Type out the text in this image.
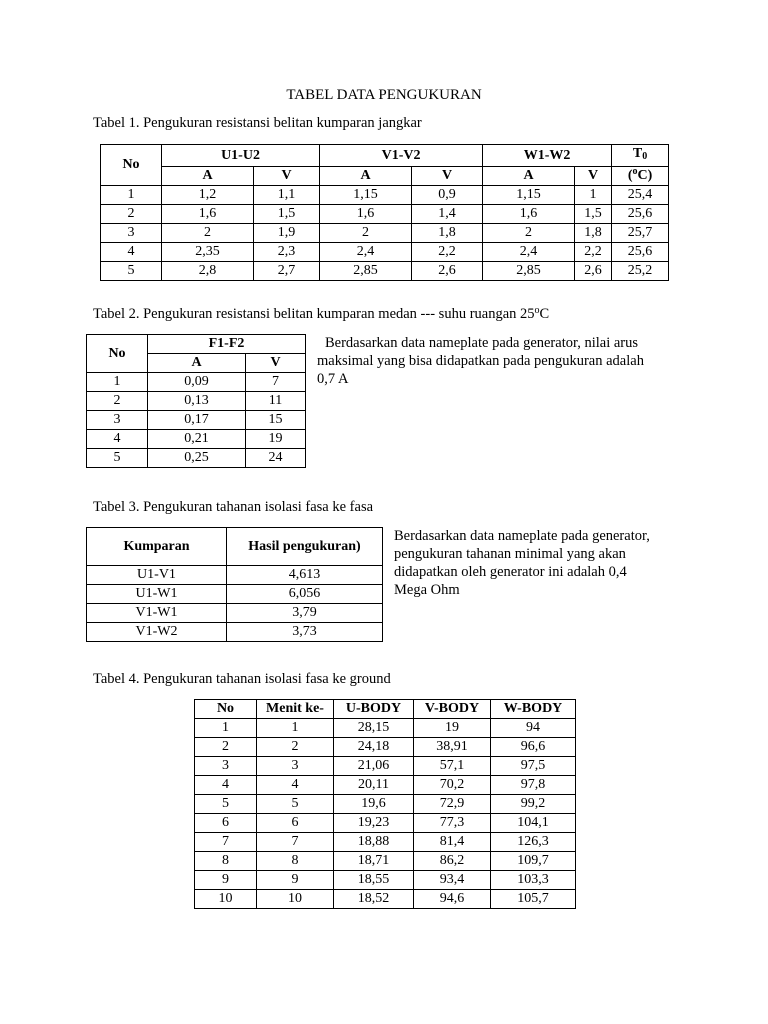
TABEL DATA PENGUKURAN
Tabel 1. Pengukuran resistansi belitan kumparan jangkar
No	U1-U2		V1-V2		W1-W2		$T_0$
	A	V	A	V	A	V	($^o$C)
1	1,2	1,1	1,15	0,9	1,15	1	25,4
2	1,6	1,5	1,6	1,4	1,6	1,5	25,6
3	2	1,9	2	1,8	2	1,8	25,7
4	2,35	2,3	2,4	2,2	2,4	2,2	25,6
5	2,8	2,7	2,85	2,6	2,85	2,6	25,2
Tabel 2. Pengukuran resistansi belitan kumparan medan --- suhu ruangan 25$^o$C
No	F1-F2	
	A	V
1	0,09	7
2	0,13	11
3	0,17	15
4	0,21	19
5	0,25	24
Berdasarkan data nameplate pada generator, nilai arus
maksimal yang bisa didapatkan pada pengukuran adalah
0,7 A
Tabel 3. Pengukuran tahanan isolasi fasa ke fasa
Kumparan	Hasil pengukuran)
U1-V1	4,613
U1-W1	6,056
V1-W1	3,79
V1-W2	3,73
Berdasarkan data nameplate pada generator,
pengukuran tahanan minimal yang akan
didapatkan oleh generator ini adalah 0,4
Mega Ohm
Tabel 4. Pengukuran tahanan isolasi fasa ke ground
No	Menit ke-	U-BODY	V-BODY	W-BODY
1	1	28,15	19	94
2	2	24,18	38,91	96,6
3	3	21,06	57,1	97,5
4	4	20,11	70,2	97,8
5	5	19,6	72,9	99,2
6	6	19,23	77,3	104,1
7	7	18,88	81,4	126,3
8	8	18,71	86,2	109,7
9	9	18,55	93,4	103,3
10	10	18,52	94,6	105,7
